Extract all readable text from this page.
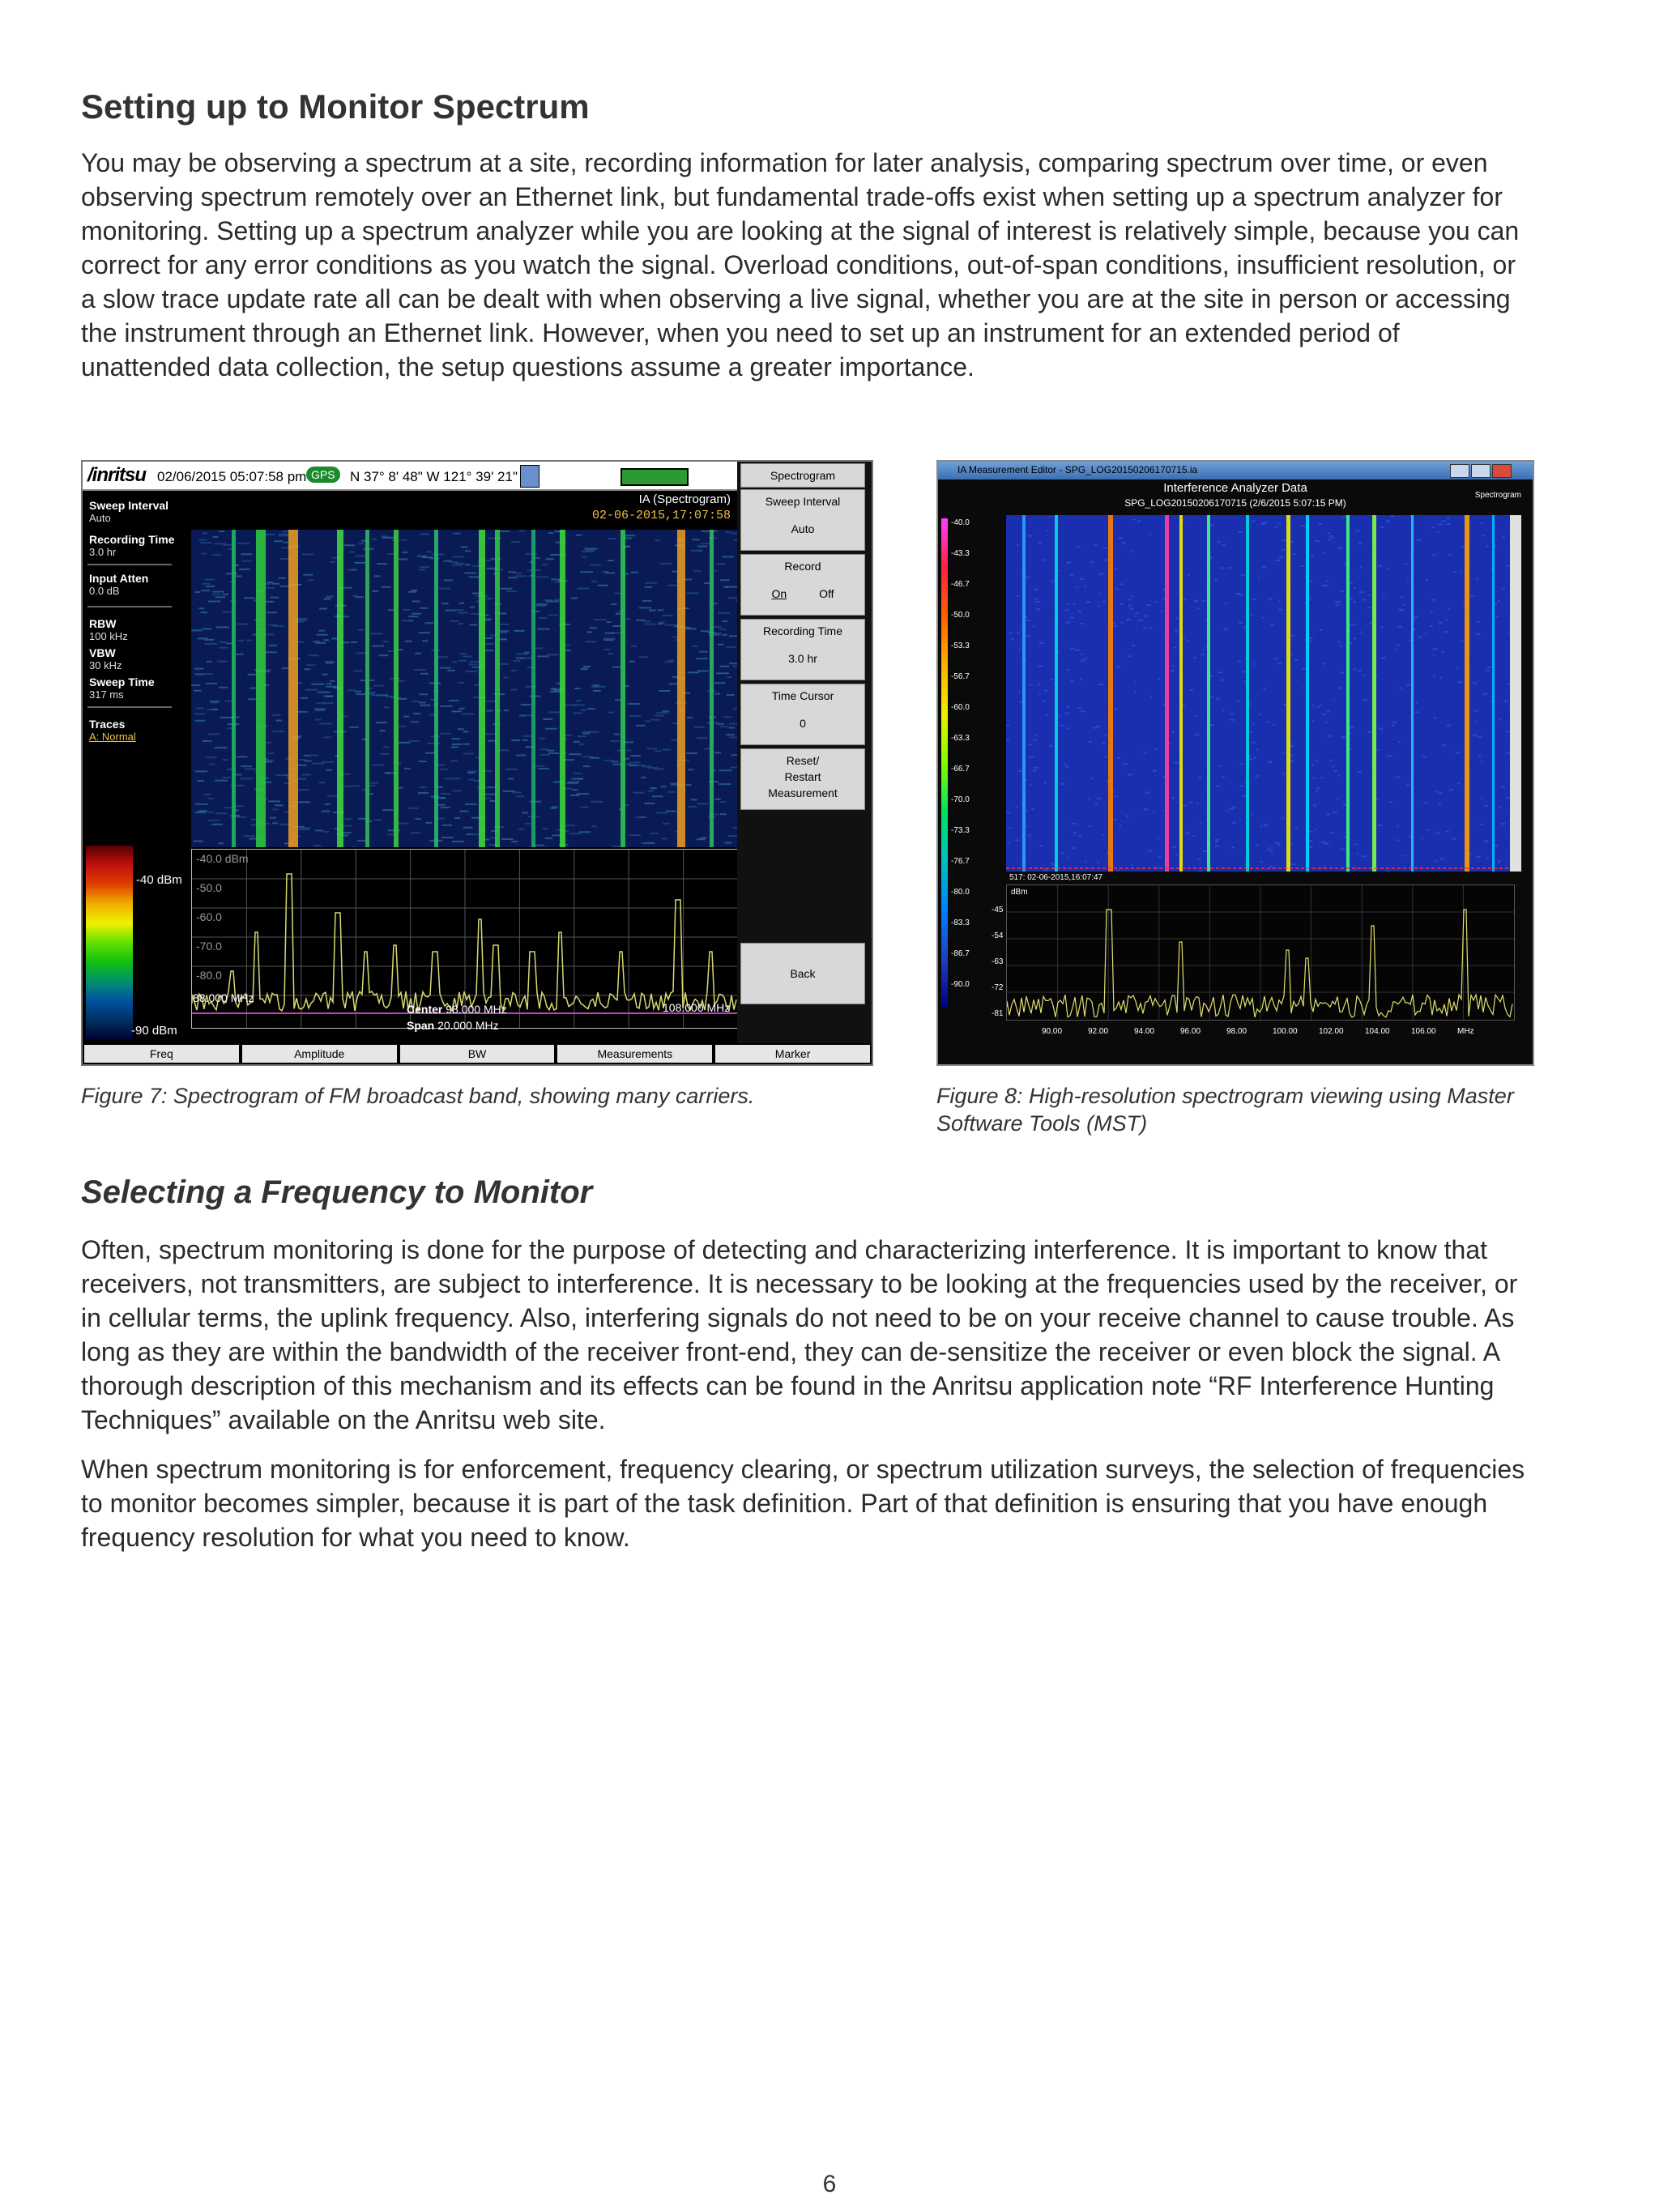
Setting up to Monitor Spectrum

You may be observing a spectrum at a site, recording information for later analysis, comparing spectrum over time, or even observing spectrum remotely over an Ethernet link, but fundamental trade-offs exist when setting up a spectrum analyzer for monitoring. Setting up a spectrum analyzer while you are looking at the signal of interest is relatively simple, because you can correct for any error conditions as you watch the signal. Overload conditions, out-of-span conditions, insufficient resolution, or a slow trace update rate all can be dealt with when observing a live signal, whether you are at the site in person or accessing the instrument through an Ethernet link. However, when you need to set up an instrument for an extended period of unattended data collection, the setup questions assume a greater importance.

/inritsu 02/06/2015 05:07:58 pm GPS	N 37° 8' 48" W 121° 39' 21"
Sweep Interval
Auto
Recording Time
3.0 hr
Input Atten
0.0 dB
RBW
100 kHz
VBW
30 kHz
Sweep Time
317 ms
Traces
A: Normal
-40 dBm
-90 dBm
IA (Spectrogram)
02-06-2015,17:07:58
-40.0 dBm
-50.0
-60.0
-70.0
-80.0
88.000 MHz
108.000 MHz
Center 98.000 MHz
Span 20.000 MHz
Spectrogram
Sweep Interval
Auto
Record
On	Off
Recording Time
3.0 hr
Time Cursor
0
Reset/
Restart
Measurement
Back
Freq	Amplitude	BW	Measurements	Marker

Figure 7: Spectrogram of FM broadcast band, showing many carriers.

IA Measurement Editor - SPG_LOG20150206170715.ia
Interference Analyzer Data
SPG_LOG20150206170715 (2/6/2015 5:07:15 PM)
Spectrogram
-40.0
-43.3
-46.7
-50.0
-53.3
-56.7
-60.0
-63.3
-66.7
-70.0
-73.3
-76.7
-80.0
-83.3
-86.7
-90.0
517: 02-06-2015,16:07:47
dBm
-45
-54
-63
-72
-81
90.00	92.00	94.00	96.00	98.00	100.00	102.00	104.00	106.00	MHz

Figure 8: High-resolution spectrogram viewing using Master Software Tools (MST)

Selecting a Frequency to Monitor

Often, spectrum monitoring is done for the purpose of detecting and characterizing interference. It is important to know that receivers, not transmitters, are subject to interference. It is necessary to be looking at the frequencies used by the receiver, or in cellular terms, the uplink frequency. Also, interfering signals do not need to be on your receive channel to cause trouble. As long as they are within the bandwidth of the receiver front-end, they can de-sensitize the receiver or even block the signal. A thorough description of this mechanism and its effects can be found in the Anritsu application note “RF Interference Hunting Techniques” available on the Anritsu web site.

When spectrum monitoring is for enforcement, frequency clearing, or spectrum utilization surveys, the selection of frequencies to monitor becomes simpler, because it is part of the task definition. Part of that definition is ensuring that you have enough frequency resolution for what you need to know.

6
